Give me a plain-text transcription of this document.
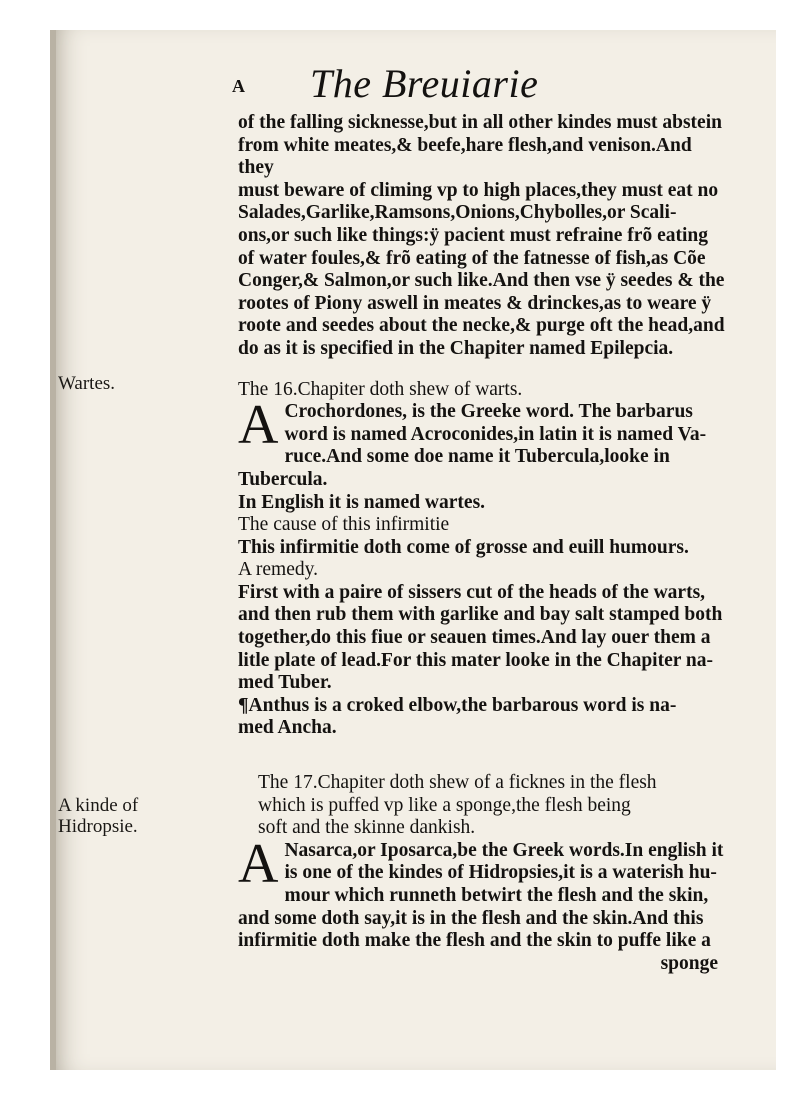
A The Breuiarie
Wartes.
A kinde of
Hidropsie.

of the falling sicknesse,but in all other kindes must abstein
from white meates,& beefe,hare flesh,and venison.And they
must beware of climing vp to high places,they must eat no
Salades,Garlike,Ramsons,Onions,Chybolles,or Scali-
ons,or such like things:ÿ pacient must refraine frõ eating
of water foules,& frõ eating of the fatnesse of fish,as Cõe
Conger,& Salmon,or such like.And then vse ÿ seedes & the
rootes of Piony aswell in meates & drinckes,as to weare ÿ
roote and seedes about the necke,& purge oft the head,and
do as it is specified in the Chapiter named Epilepcia.

The 16.Chapiter doth shew of warts.

A Crochordones, is the Greeke word. The barbarus
word is named Acroconides,in latin it is named Va-
ruce.And some doe name it Tubercula,looke in Tubercula.
In English it is named wartes.

The cause of this infirmitie

This infirmitie doth come of grosse and euill humours.

A remedy.

First with a paire of sissers cut of the heads of the warts,
and then rub them with garlike and bay salt stamped both
together,do this fiue or seauen times.And lay ouer them a
litle plate of lead.For this mater looke in the Chapiter na-
med Tuber.

¶Anthus is a croked elbow,the barbarous word is na-
med Ancha.

The 17.Chapiter doth shew of a ficknes in the flesh
which is puffed vp like a sponge,the flesh being
soft and the skinne dankish.

A Nasarca,or Iposarca,be the Greek words.In english it
is one of the kindes of Hidropsies,it is a waterish hu-
mour which runneth betwirt the flesh and the skin,
and some doth say,it is in the flesh and the skin.And this
infirmitie doth make the flesh and the skin to puffe like a

sponge
